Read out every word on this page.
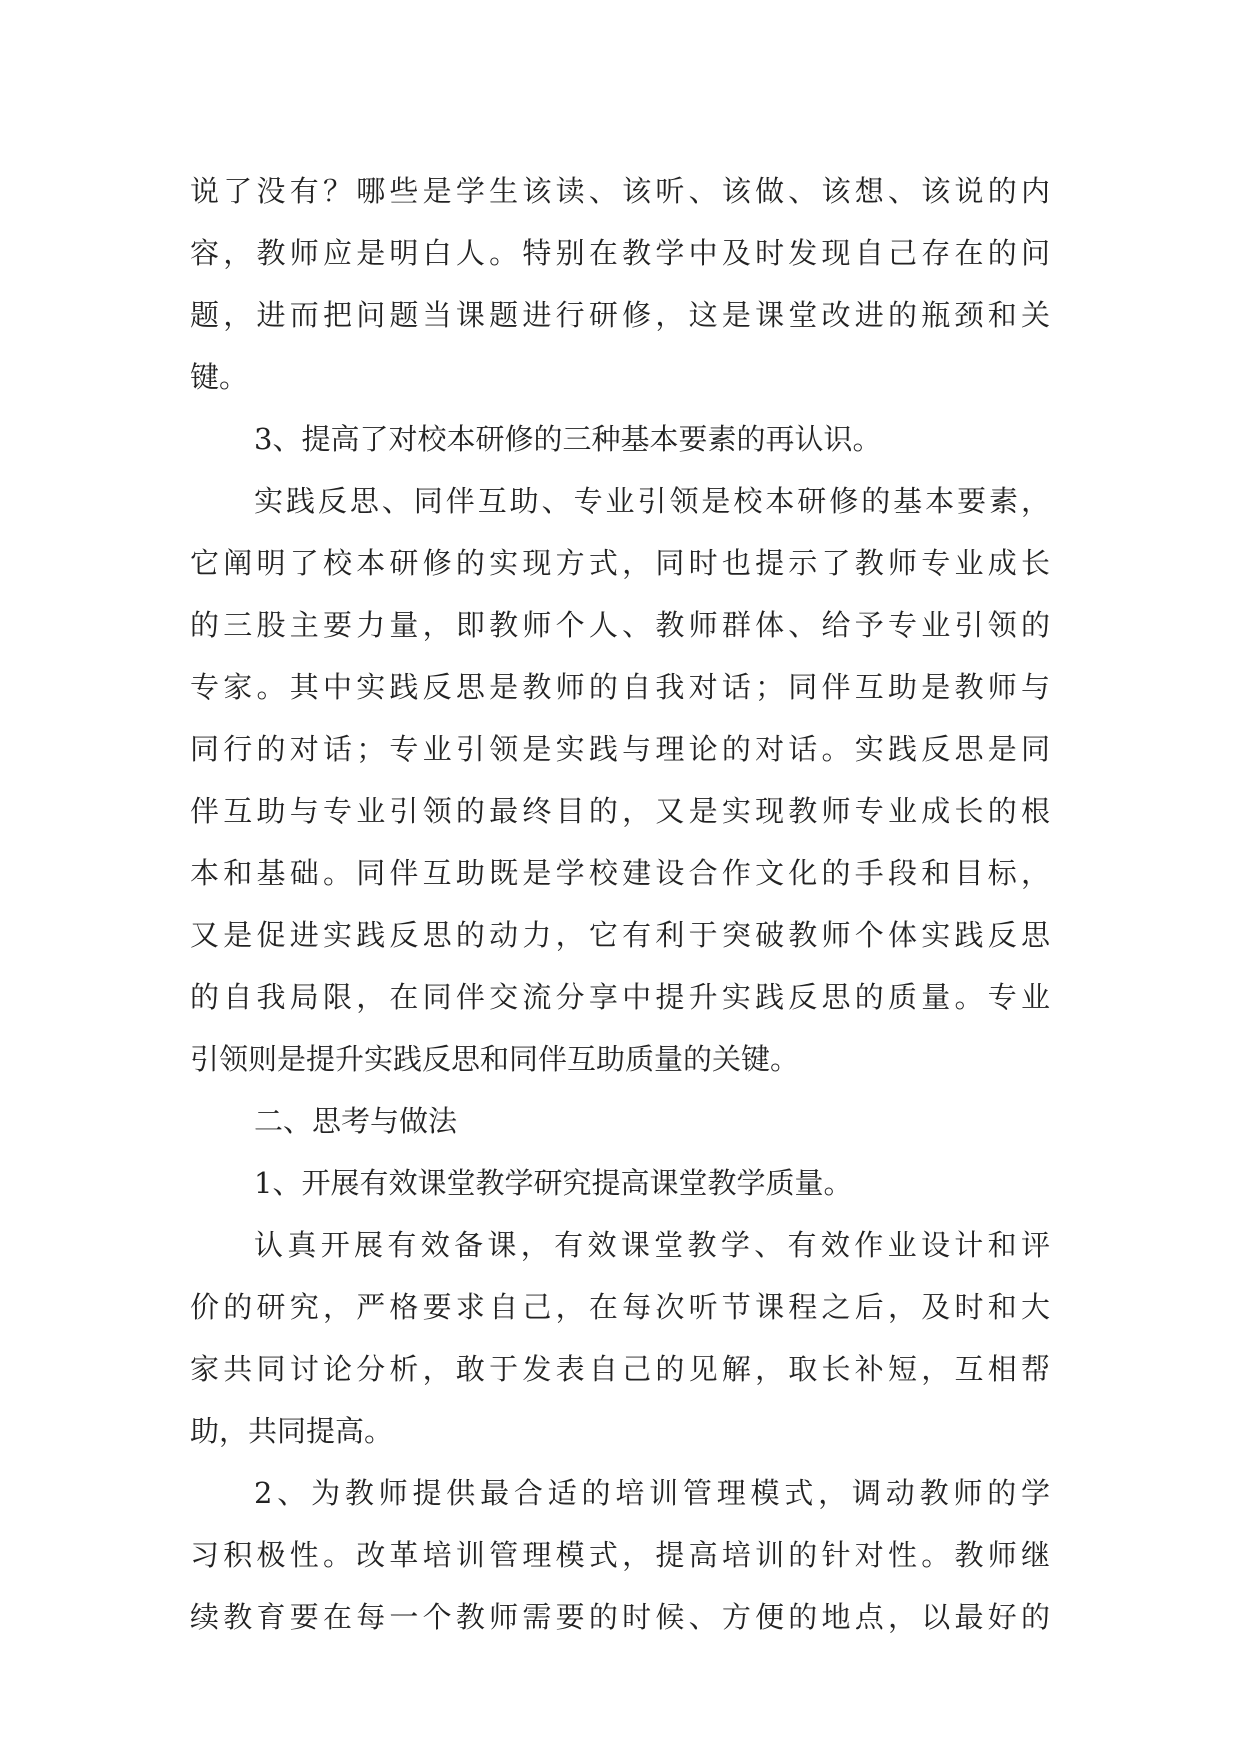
说了没有？哪些是学生该读、该听、该做、该想、该说的内
容，教师应是明白人。特别在教学中及时发现自己存在的问
题，进而把问题当课题进行研修，这是课堂改进的瓶颈和关
键。
3、提高了对校本研修的三种基本要素的再认识。
实践反思、同伴互助、专业引领是校本研修的基本要素，
它阐明了校本研修的实现方式，同时也提示了教师专业成长
的三股主要力量，即教师个人、教师群体、给予专业引领的
专家。其中实践反思是教师的自我对话；同伴互助是教师与
同行的对话；专业引领是实践与理论的对话。实践反思是同
伴互助与专业引领的最终目的，又是实现教师专业成长的根
本和基础。同伴互助既是学校建设合作文化的手段和目标，
又是促进实践反思的动力，它有利于突破教师个体实践反思
的自我局限，在同伴交流分享中提升实践反思的质量。专业
引领则是提升实践反思和同伴互助质量的关键。
二、思考与做法
1、开展有效课堂教学研究提高课堂教学质量。
认真开展有效备课，有效课堂教学、有效作业设计和评
价的研究，严格要求自己，在每次听节课程之后，及时和大
家共同讨论分析，敢于发表自己的见解，取长补短，互相帮
助，共同提高。
2、为教师提供最合适的培训管理模式，调动教师的学
习积极性。改革培训管理模式，提高培训的针对性。教师继
续教育要在每一个教师需要的时候、方便的地点，以最好的
